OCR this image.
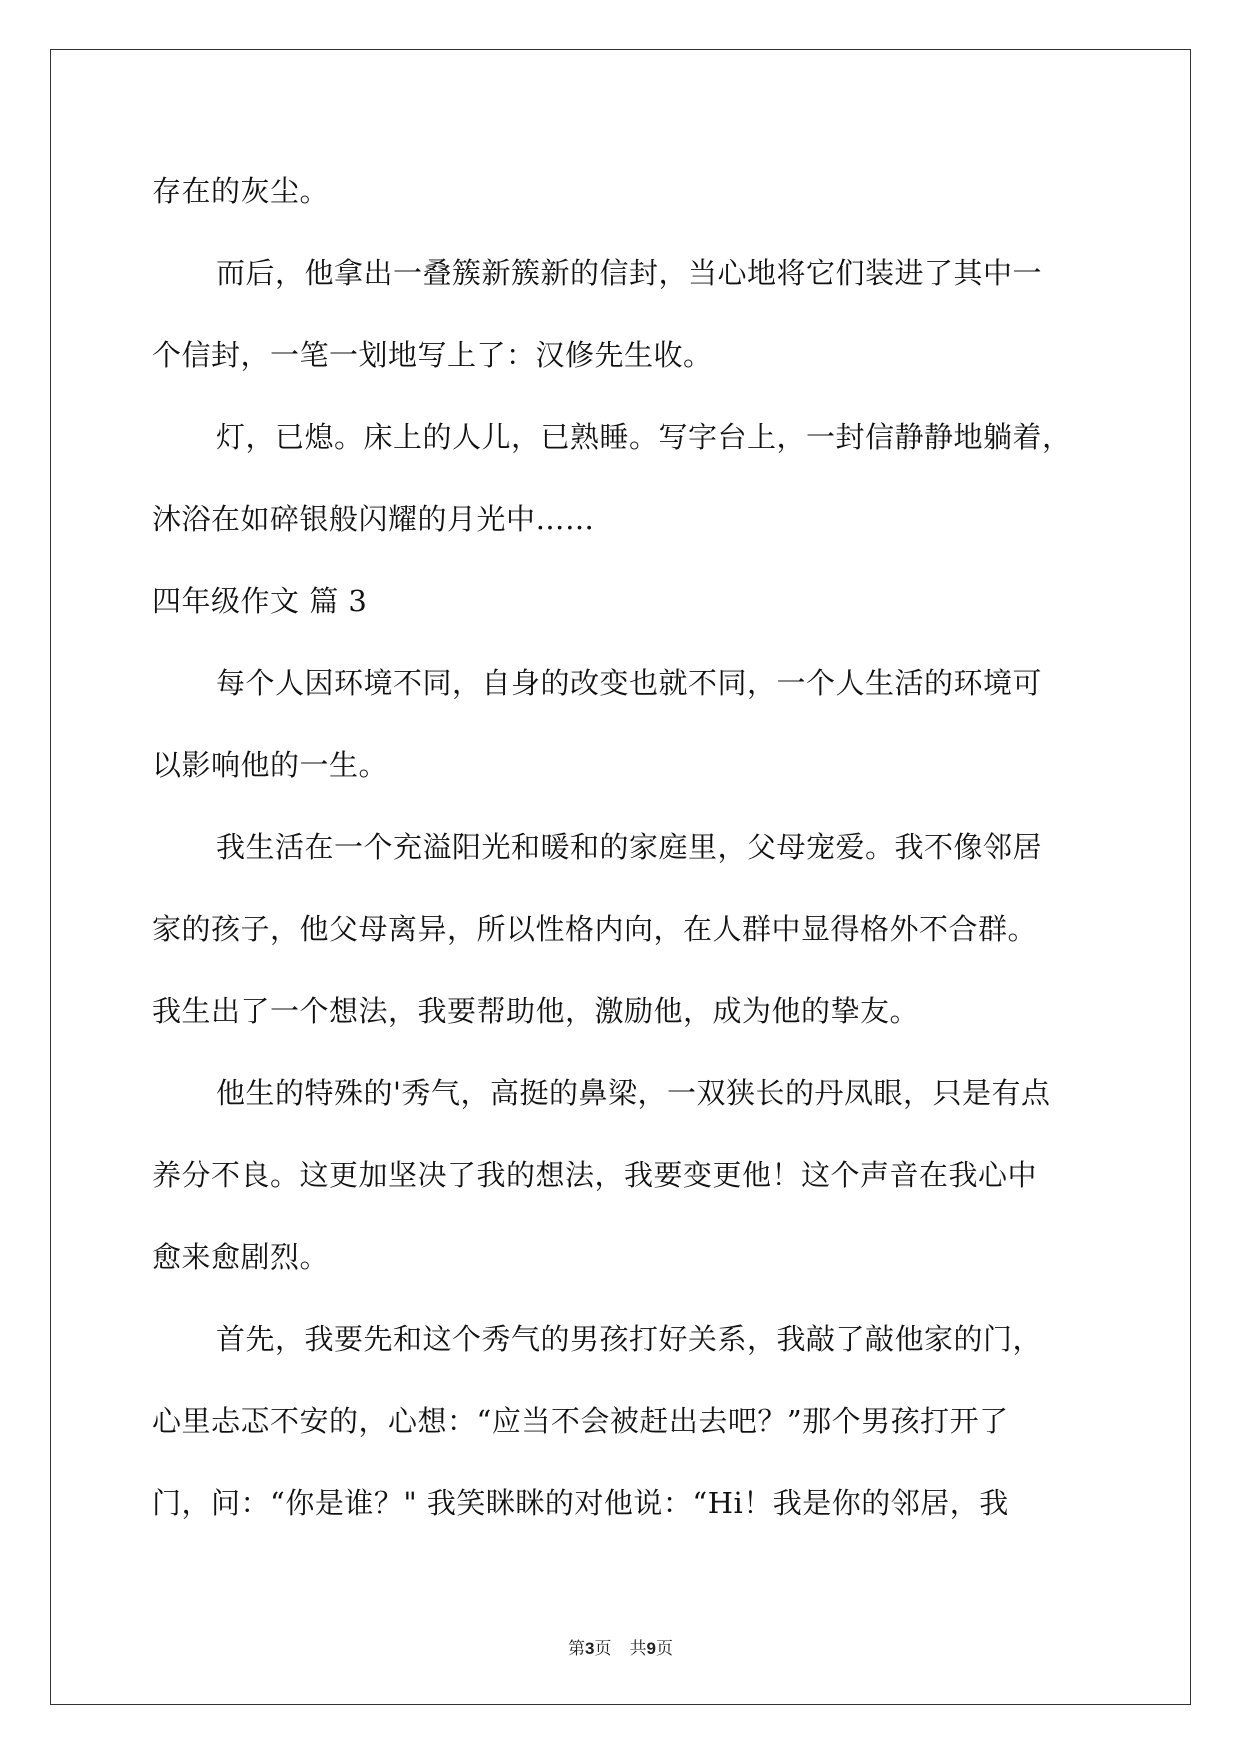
存在的灰尘。
而后，他拿出一叠簇新簇新的信封，当心地将它们装进了其中一
个信封，一笔一划地写上了：汉修先生收。
灯，已熄。床上的人儿，已熟睡。写字台上，一封信静静地躺着，
沐浴在如碎银般闪耀的月光中……
四年级作文 篇 3
每个人因环境不同，自身的改变也就不同，一个人生活的环境可
以影响他的一生。
我生活在一个充溢阳光和暖和的家庭里，父母宠爱。我不像邻居
家的孩子，他父母离异，所以性格内向，在人群中显得格外不合群。
我生出了一个想法，我要帮助他，激励他，成为他的挚友。
他生的特殊的'秀气，高挺的鼻梁，一双狭长的丹凤眼，只是有点
养分不良。这更加坚决了我的想法，我要变更他！这个声音在我心中
愈来愈剧烈。
首先，我要先和这个秀气的男孩打好关系，我敲了敲他家的门，
心里忐忑不安的，心想：“应当不会被赶出去吧？”那个男孩打开了
门，问：“你是谁？" 我笑眯眯的对他说：“Hi！我是你的邻居，我
第3页 共9页
